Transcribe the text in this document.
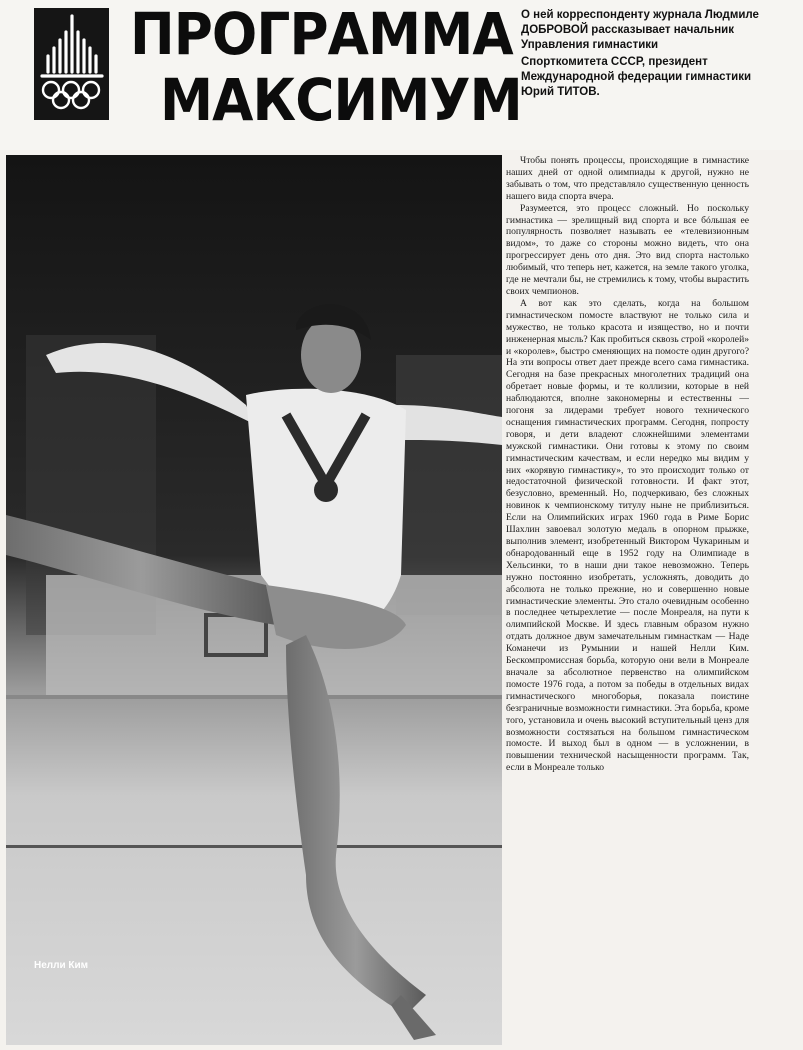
ПРОГРАММА
МАКСИМУМ

О ней корреспонденту журнала Людмиле ДОБРОВОЙ рассказывает начальник Управления гимнастики

Спорткомитета СССР, президент Международной федерации гимнастики Юрий ТИТОВ.

Нелли Ким

Чтобы понять процессы, происходящие в гимнастике наших дней от одной олимпиады к другой, нужно не забывать о том, что представляло существенную ценность нашего вида спорта вчера.

Разумеется, это процесс сложный. Но поскольку гимнастика — зрелищный вид спорта и все бóльшая ее популярность позволяет называть ее «телевизионным видом», то даже со стороны можно видеть, что она прогрессирует день ото дня. Это вид спорта настолько любимый, что теперь нет, кажется, на земле такого уголка, где не мечтали бы, не стремились к тому, чтобы вырастить своих чемпионов.

А вот как это сделать, когда на большом гимнастическом помосте властвуют не только сила и мужество, не только красота и изящество, но и почти инженерная мысль? Как пробиться сквозь строй «королей» и «королев», быстро сменяющих на помосте один другого? На эти вопросы ответ дает прежде всего сама гимнастика. Сегодня на базе прекрасных многолетних традиций она обретает новые формы, и те коллизии, которые в ней наблюдаются, вполне закономерны и естественны — погоня за лидерами требует нового технического оснащения гимнастических программ. Сегодня, попросту говоря, и дети владеют сложнейшими элементами мужской гимнастики. Они готовы к этому по своим гимнастическим качествам, и если нередко мы видим у них «корявую гимнастику», то это происходит только от недостаточной физической готовности. И факт этот, безусловно, временный. Но, подчеркиваю, без сложных новинок к чемпионскому титулу ныне не приблизиться. Если на Олимпийских играх 1960 года в Риме Борис Шахлин завоевал золотую медаль в опорном прыжке, выполнив элемент, изобретенный Виктором Чукариным и обнародованный еще в 1952 году на Олимпиаде в Хельсинки, то в наши дни такое невозможно. Теперь нужно постоянно изобретать, усложнять, доводить до абсолюта не только прежние, но и совершенно новые гимнастические элементы. Это стало очевидным особенно в последнее четырехлетие — после Монреаля, на пути к олимпийской Москве. И здесь главным образом нужно отдать должное двум замечательным гимнасткам — Наде Команечи из Румынии и нашей Нелли Ким. Бескомпромиссная борьба, которую они вели в Монреале вначале за абсолютное первенство на олимпийском помосте 1976 года, а потом за победы в отдельных видах гимнастического многоборья, показала поистине безграничные возможности гимнастики. Эта борьба, кроме того, установила и очень высокий вступительный ценз для возможности состязаться на большом гимнастическом помосте. И выход был в одном — в усложнении, в повышении технической насыщенности программ. Так, если в Монреале только
